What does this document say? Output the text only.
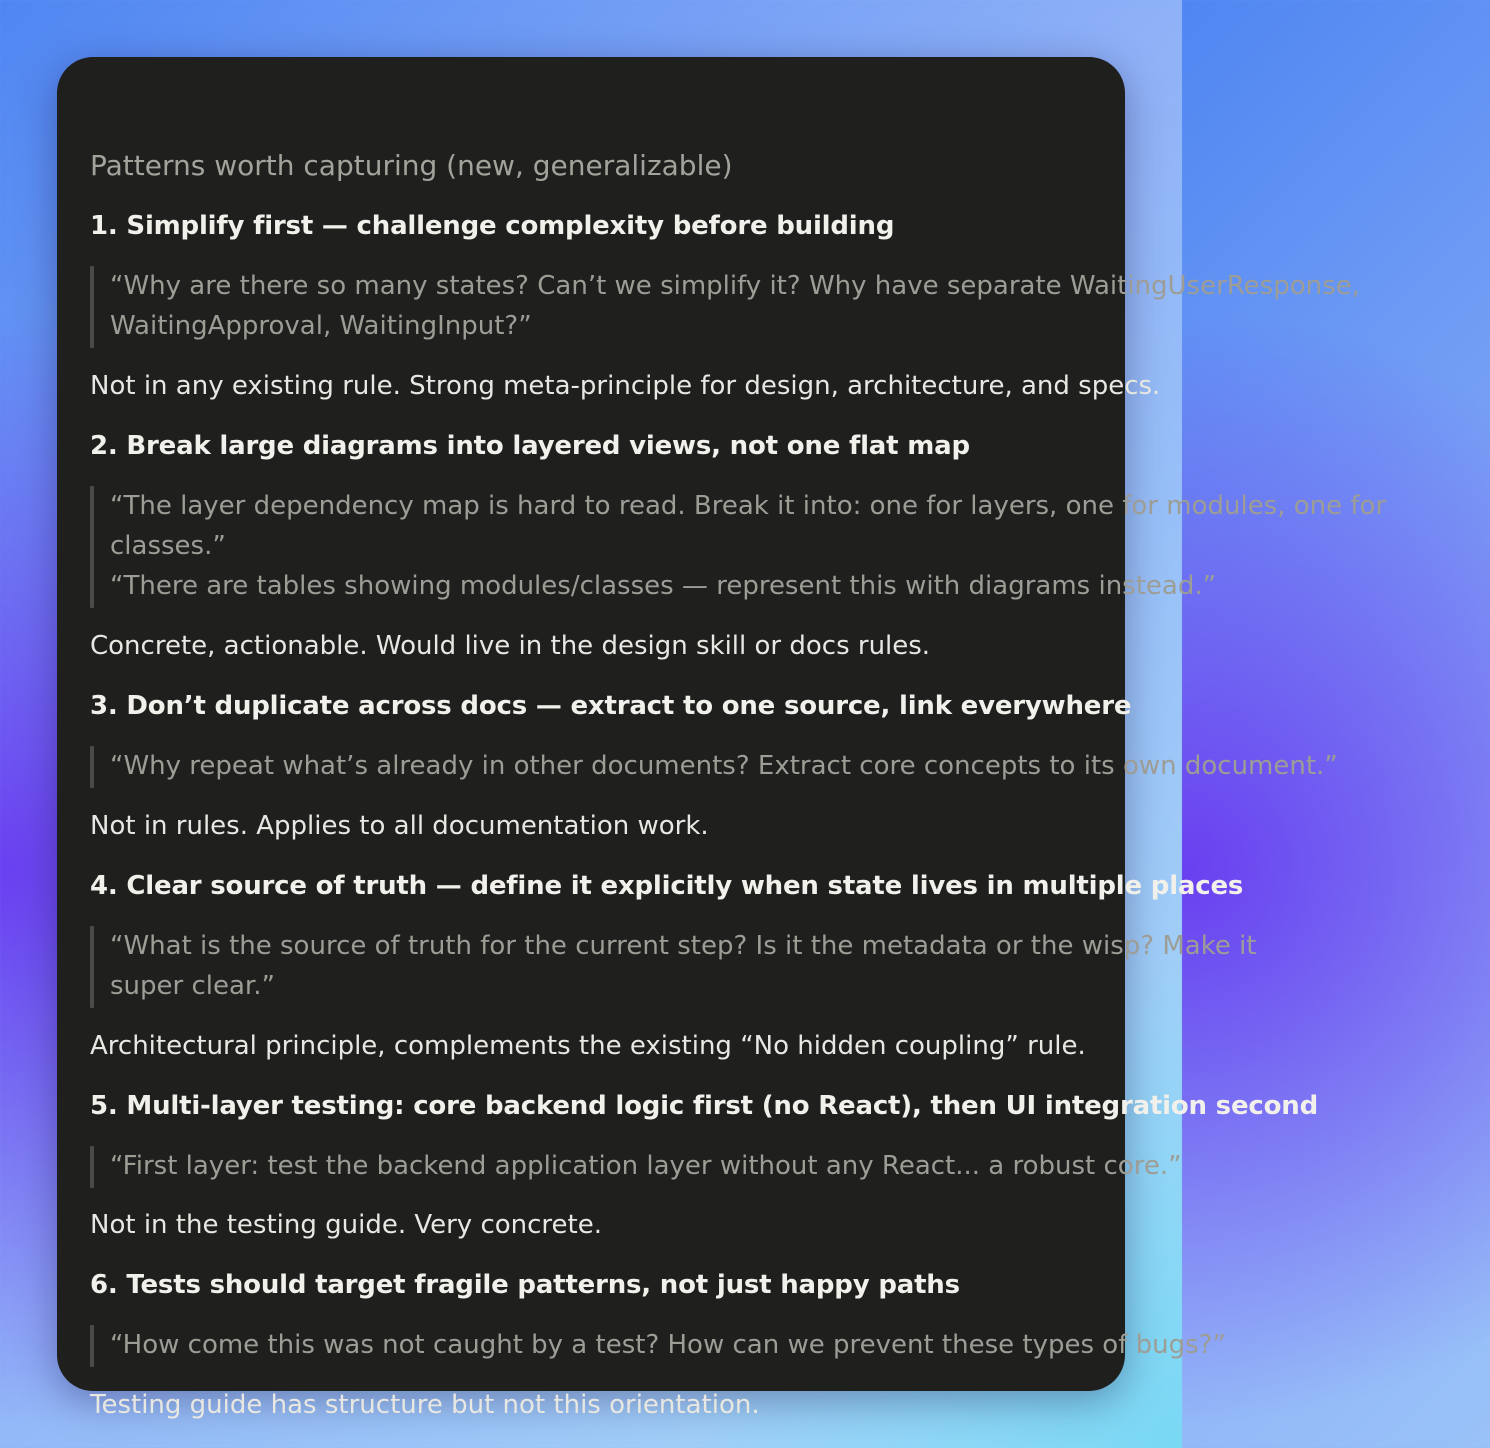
Patterns worth capturing (new, generalizable)
1. Simplify first — challenge complexity before building
“Why are there so many states? Can’t we simplify it? Why have separate WaitingUserResponse,
WaitingApproval, WaitingInput?”
Not in any existing rule. Strong meta-principle for design, architecture, and specs.
2. Break large diagrams into layered views, not one flat map
“The layer dependency map is hard to read. Break it into: one for layers, one for modules, one for
classes.”
“There are tables showing modules/classes — represent this with diagrams instead.”
Concrete, actionable. Would live in the design skill or docs rules.
3. Don’t duplicate across docs — extract to one source, link everywhere
“Why repeat what’s already in other documents? Extract core concepts to its own document.”
Not in rules. Applies to all documentation work.
4. Clear source of truth — define it explicitly when state lives in multiple places
“What is the source of truth for the current step? Is it the metadata or the wisp? Make it
super clear.”
Architectural principle, complements the existing “No hidden coupling” rule.
5. Multi-layer testing: core backend logic first (no React), then UI integration second
“First layer: test the backend application layer without any React... a robust core.”
Not in the testing guide. Very concrete.
6. Tests should target fragile patterns, not just happy paths
“How come this was not caught by a test? How can we prevent these types of bugs?”
Testing guide has structure but not this orientation.
